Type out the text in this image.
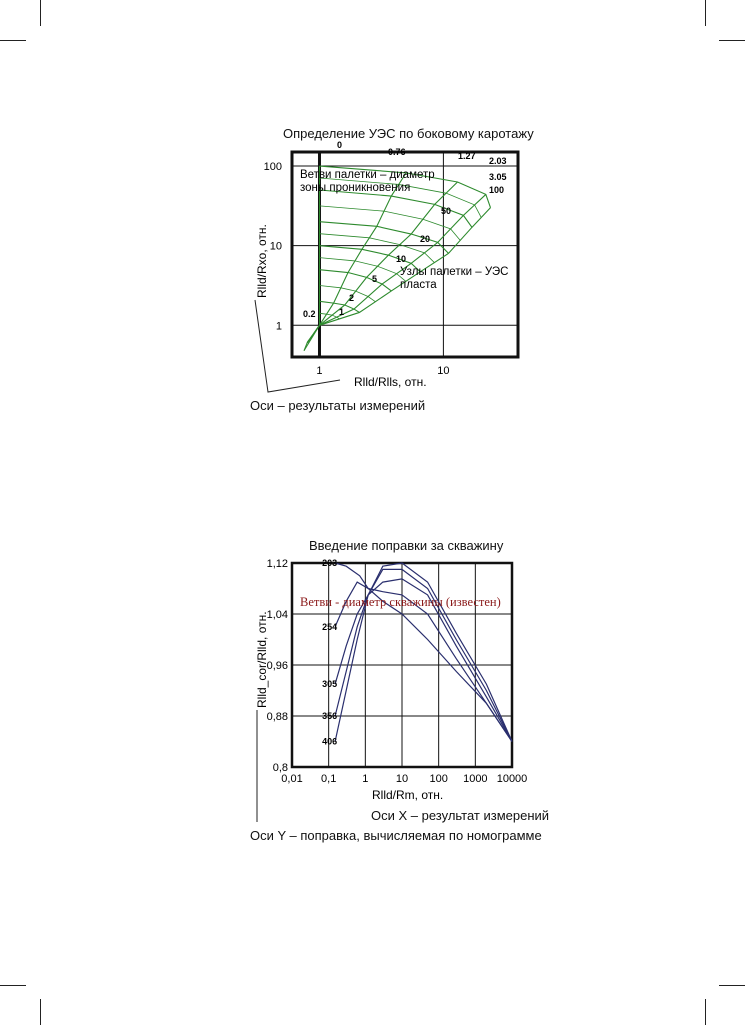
Определение УЭС по боковому каротажу
Оси – результаты измерений
Введение поправки за скважину
Оси X – результат измерений
Оси Y – поправка, вычисляемая по номограмме
1	10
100
10
1
0
0.76	1.27 2.03
3.05
100
50
20
10
5
2
1
0.2
Rlld/Rxo, отн.
Rlld/Rlls, отн.
Ветви палетки – диаметр зоны проникновения
Узлы палетки – УЭС пласта
0,01 0,1 1 10 100 1000 10000
1,12
1,04
0,96
0,88
0,8
203
254
305
356
406
Rlld_cor/Rlld, отн.
Rlld/Rm, отн.
Ветви - диаметр скважины (известен)
